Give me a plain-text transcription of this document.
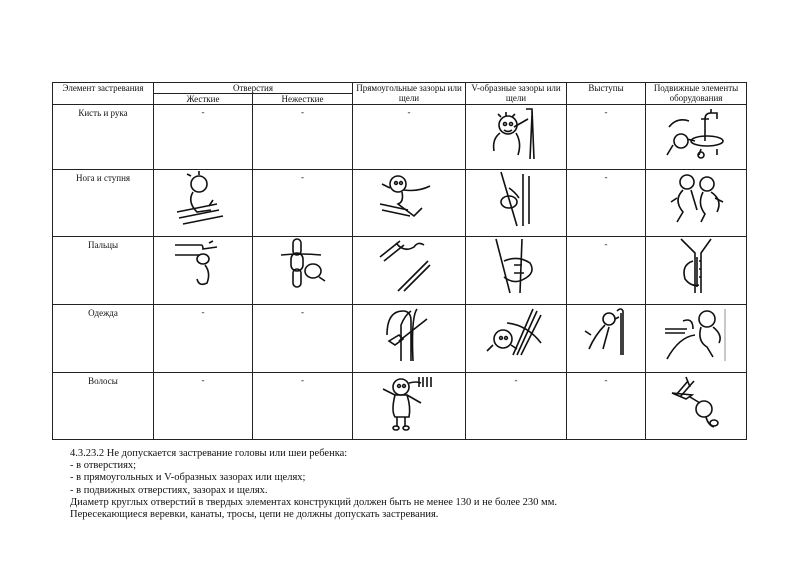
Элемент застревания	Отверстия		Прямоугольные зазоры или щели	V-образные зазоры или щели	Выступы	Подвижные элементы оборудования
	Жесткие	Нежесткие				
Кисть и рука	-	-	-		-

Нога и ступня		-			-

Пальцы					-

Одежда	-	-

Волосы	-	-		-	-

4.3.23.2 Не допускается застревание головы или шеи ребенка:
- в отверстиях;
- в прямоугольных и V-образных зазорах или щелях;
- в подвижных отверстиях, зазорах и щелях.
Диаметр круглых отверстий в твердых элементах конструкций должен быть не менее 130 и не более 230 мм.
Пересекающиеся веревки, канаты, тросы, цепи не должны допускать застревания.
